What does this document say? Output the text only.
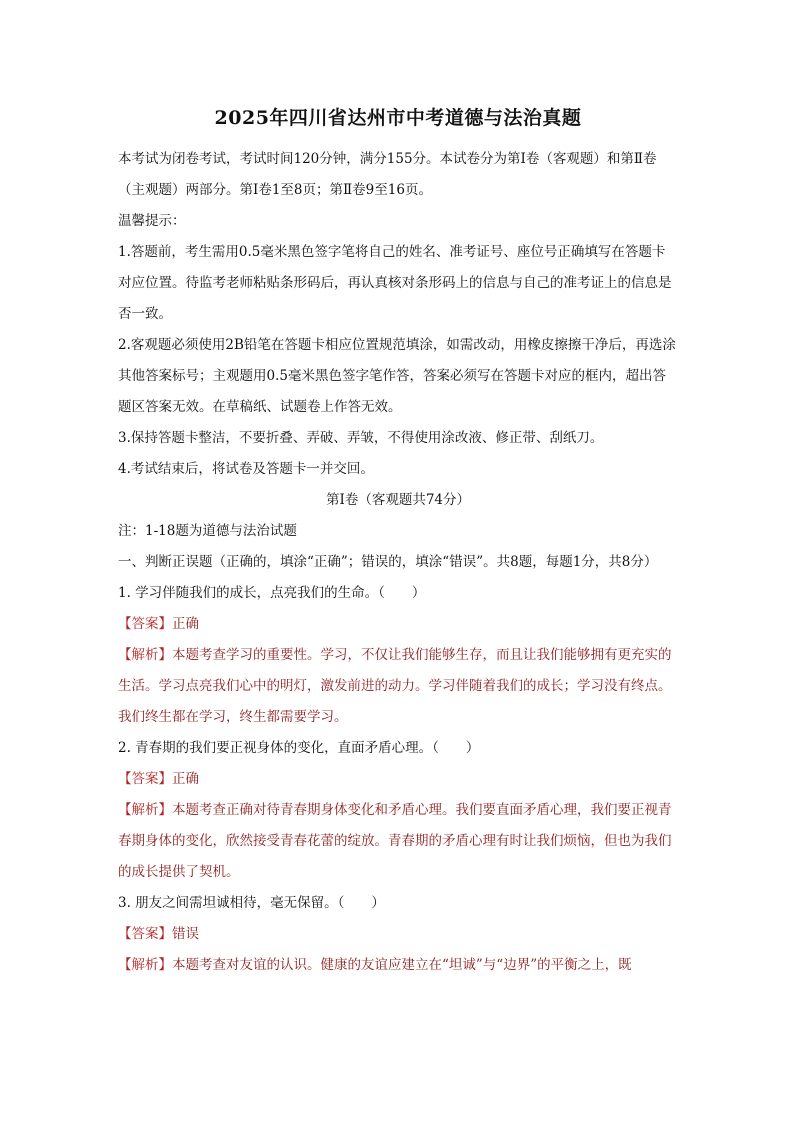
2025年四川省达州市中考道德与法治真题

本考试为闭卷考试，考试时间120分钟，满分155分。本试卷分为第Ⅰ卷（客观题）和第Ⅱ卷（主观题）两部分。第Ⅰ卷1至8页；第Ⅱ卷9至16页。

温馨提示：

1.答题前，考生需用0.5毫米黑色签字笔将自己的姓名、准考证号、座位号正确填写在答题卡对应位置。待监考老师粘贴条形码后，再认真核对条形码上的信息与自己的准考证上的信息是否一致。

2.客观题必须使用2B铅笔在答题卡相应位置规范填涂，如需改动，用橡皮擦擦干净后，再选涂其他答案标号；主观题用0.5毫米黑色签字笔作答，答案必须写在答题卡对应的框内，超出答题区答案无效。在草稿纸、试题卷上作答无效。

3.保持答题卡整洁，不要折叠、弄破、弄皱，不得使用涂改液、修正带、刮纸刀。

4.考试结束后，将试卷及答题卡一并交回。

第Ⅰ卷（客观题共74分）

注：1-18题为道德与法治试题

一、判断正误题（正确的，填涂“正确”；错误的，填涂“错误”。共8题，每题1分，共8分）

1. 学习伴随我们的成长，点亮我们的生命。（　　）

【答案】正确

【解析】本题考查学习的重要性。学习，不仅让我们能够生存，而且让我们能够拥有更充实的生活。学习点亮我们心中的明灯，激发前进的动力。学习伴随着我们的成长；学习没有终点。我们终生都在学习，终生都需要学习。

2. 青春期的我们要正视身体的变化，直面矛盾心理。（　　）

【答案】正确

【解析】本题考查正确对待青春期身体变化和矛盾心理。我们要直面矛盾心理，我们要正视青春期身体的变化，欣然接受青春花蕾的绽放。青春期的矛盾心理有时让我们烦恼，但也为我们的成长提供了契机。

3. 朋友之间需坦诚相待，毫无保留。（　　）

【答案】错误

【解析】本题考查对友谊的认识。健康的友谊应建立在“坦诚”与“边界”的平衡之上，既
